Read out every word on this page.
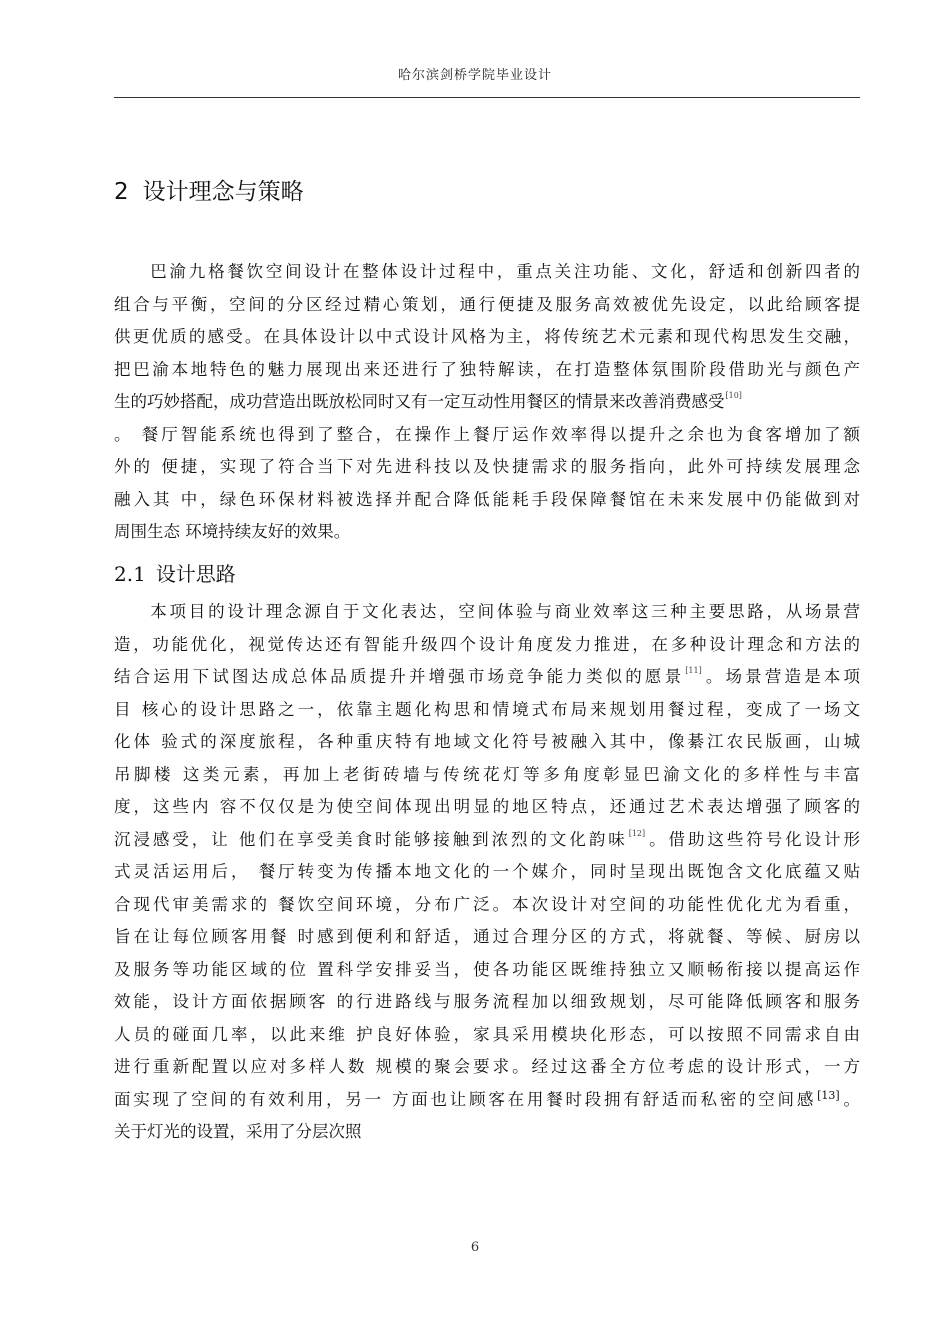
哈尔滨剑桥学院毕业设计
2 设计理念与策略
巴渝九格餐饮空间设计在整体设计过程中，重点关注功能、文化，舒适和创新四者的
组合与平衡，空间的分区经过精心策划，通行便捷及服务高效被优先设定，以此给顾客提
供更优质的感受。在具体设计以中式设计风格为主，将传统艺术元素和现代构思发生交融，
把巴渝本地特色的魅力展现出来还进行了独特解读，在打造整体氛围阶段借助光与颜色产
生的巧妙搭配，成功营造出既放松同时又有一定互动性用餐区的情景来改善消费感受[10]
。 餐厅智能系统也得到了整合，在操作上餐厅运作效率得以提升之余也为食客增加了额
外的 便捷，实现了符合当下对先进科技以及快捷需求的服务指向，此外可持续发展理念
融入其 中，绿色环保材料被选择并配合降低能耗手段保障餐馆在未来发展中仍能做到对
周围生态 环境持续友好的效果。
2.1 设计思路
本项目的设计理念源自于文化表达，空间体验与商业效率这三种主要思路，从场景营
造，功能优化，视觉传达还有智能升级四个设计角度发力推进，在多种设计理念和方法的
结合运用下试图达成总体品质提升并增强市场竞争能力类似的愿景[11]。场景营造是本项
目 核心的设计思路之一，依靠主题化构思和情境式布局来规划用餐过程，变成了一场文
化体 验式的深度旅程，各种重庆特有地域文化符号被融入其中，像綦江农民版画，山城
吊脚楼 这类元素，再加上老街砖墙与传统花灯等多角度彰显巴渝文化的多样性与丰富
度，这些内 容不仅仅是为使空间体现出明显的地区特点，还通过艺术表达增强了顾客的
沉浸感受，让 他们在享受美食时能够接触到浓烈的文化韵味[12]。借助这些符号化设计形
式灵活运用后， 餐厅转变为传播本地文化的一个媒介，同时呈现出既饱含文化底蕴又贴
合现代审美需求的 餐饮空间环境，分布广泛。本次设计对空间的功能性优化尤为看重，
旨在让每位顾客用餐 时感到便利和舒适，通过合理分区的方式，将就餐、等候、厨房以
及服务等功能区域的位 置科学安排妥当，使各功能区既维持独立又顺畅衔接以提高运作
效能，设计方面依据顾客 的行进路线与服务流程加以细致规划，尽可能降低顾客和服务
人员的碰面几率，以此来维 护良好体验，家具采用模块化形态，可以按照不同需求自由
进行重新配置以应对多样人数 规模的聚会要求。经过这番全方位考虑的设计形式，一方
面实现了空间的有效利用，另一 方面也让顾客在用餐时段拥有舒适而私密的空间感[13]。
关于灯光的设置，采用了分层次照
6
